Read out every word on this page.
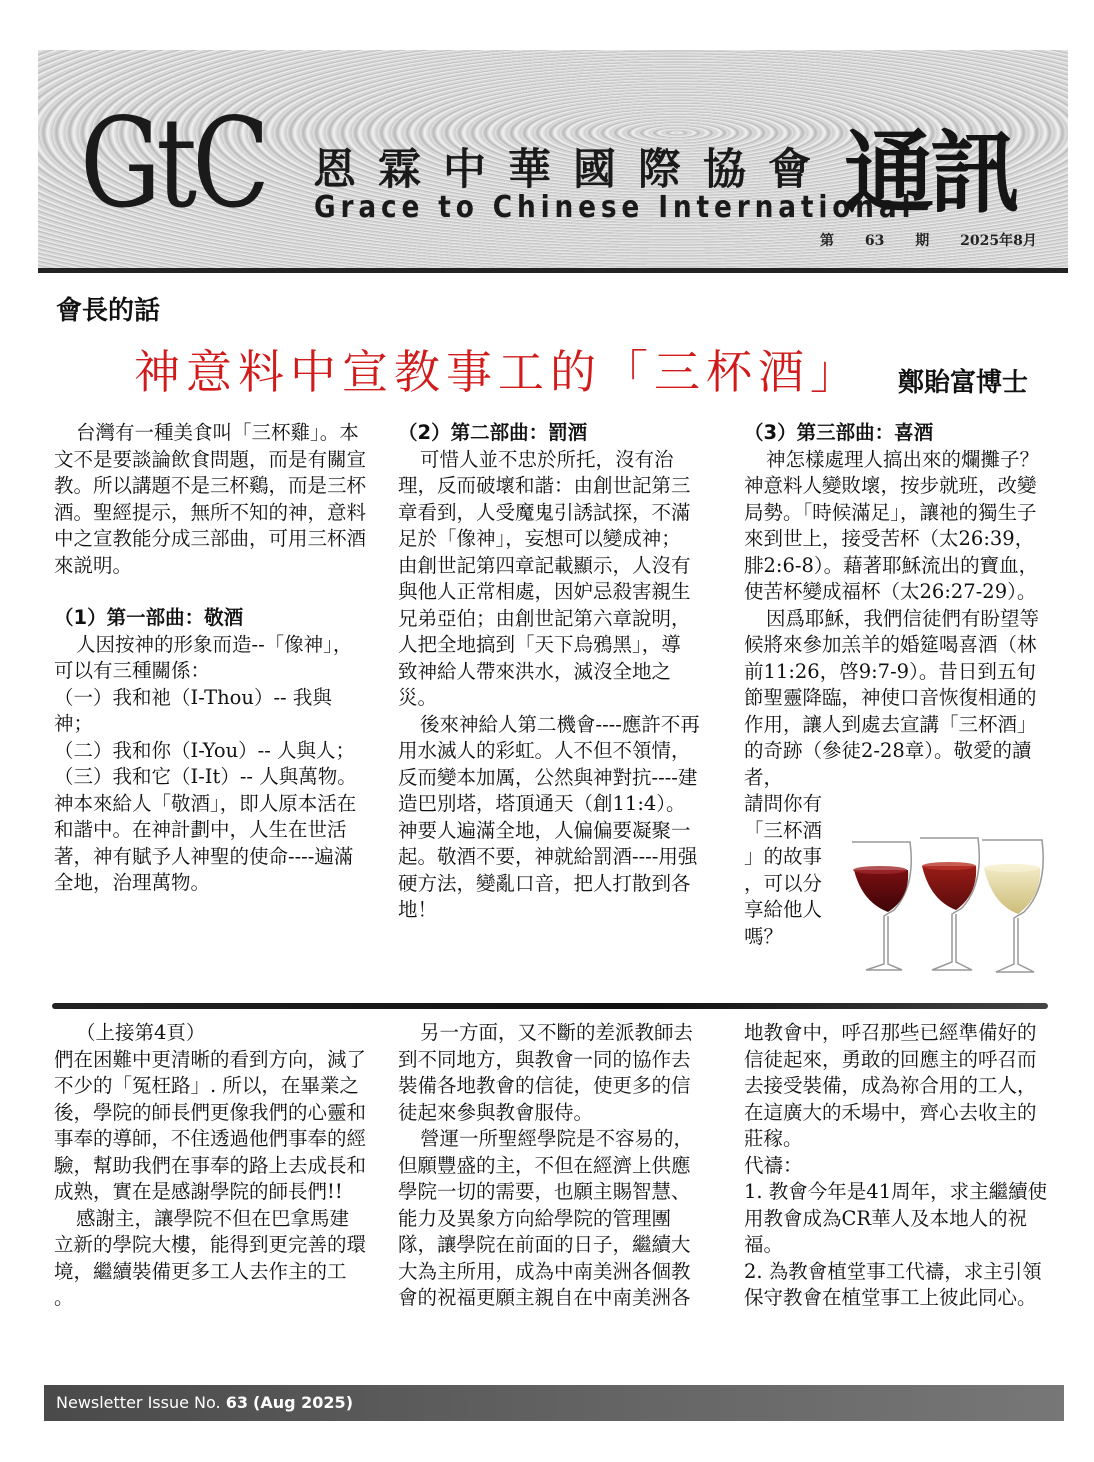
GtC 恩霖中華國際協會
Grace to Chinese International
通訊
第 63 期 2025年8月
會長的話
神意料中宣教事工的「三杯酒」 鄭貽富博士

台灣有一種美食叫「三杯雞」。本文不是要談論飲食問題，而是有關宣教。所以講題不是三杯鷄，而是三杯酒。聖經提示，無所不知的神，意料中之宣教能分成三部曲，可用三杯酒來説明。

（1）第一部曲：敬酒

人因按神的形象而造--「像神」，可以有三種關係：

（一）我和祂（I-Thou）-- 我與神；

（二）我和你（I-You）-- 人與人；

（三）我和它（I-It）-- 人與萬物。神本來給人「敬酒」，即人原本活在和諧中。在神計劃中，人生在世活著，神有賦予人神聖的使命----遍滿全地，治理萬物。

（2）第二部曲：罰酒

可惜人並不忠於所托，沒有治理，反而破壞和諧：由創世記第三章看到，人受魔鬼引誘試探，不滿足於「像神」，妄想可以變成神；由創世記第四章記載顯示，人沒有與他人正常相處，因妒忌殺害親生兄弟亞伯；由創世記第六章說明，人把全地搞到「天下烏鴉黑」，導致神給人帶來洪水，滅沒全地之災。

後來神給人第二機會----應許不再用水滅人的彩虹。人不但不領情，反而變本加厲，公然與神對抗----建造巴別塔，塔頂通天（創11:4）。神要人遍滿全地，人偏偏要凝聚一起。敬酒不要，神就給罰酒----用强硬方法，變亂口音，把人打散到各地！

（3）第三部曲：喜酒

神怎樣處理人搞出來的爛攤子？神意料人變敗壞，按步就班，改變局勢。「時候滿足」，讓祂的獨生子來到世上，接受苦杯（太26:39，腓2:6-8）。藉著耶穌流出的寶血，使苦杯變成福杯（太26:27-29）。

因爲耶穌，我們信徒們有盼望等候將來參加羔羊的婚筵喝喜酒（林前11:26，啓9:7-9）。昔日到五旬節聖靈降臨，神使口音恢復相通的作用，讓人到處去宣講「三杯酒」的奇跡（參徒2-28章）。敬愛的讀者，

請問你有

「三杯酒

」的故事

，可以分

享給他人

嗎？

（上接第4頁）

們在困難中更清晰的看到方向，減了不少的「冤枉路」. 所以，在畢業之後，學院的師長們更像我們的心靈和事奉的導師，不住透過他們事奉的經驗，幫助我們在事奉的路上去成長和成熟，實在是感謝學院的師長們!!

感謝主，讓學院不但在巴拿馬建立新的學院大樓，能得到更完善的環境，繼續裝備更多工人去作主的工 。

另一方面，又不斷的差派教師去到不同地方，與教會一同的協作去裝備各地教會的信徒，使更多的信徒起來參與教會服侍。

營運一所聖經學院是不容易的，但願豐盛的主，不但在經濟上供應學院一切的需要，也願主賜智慧、能力及異象方向給學院的管理團隊，讓學院在前面的日子，繼續大大為主所用，成為中南美洲各個教會的祝福更願主親自在中南美洲各

地教會中，呼召那些已經準備好的信徒起來，勇敢的回應主的呼召而去接受裝備，成為祢合用的工人，在這廣大的禾場中，齊心去收主的莊稼。

代禱：

1. 教會今年是41周年，求主繼續使用教會成為CR華人及本地人的祝福。

2. 為教會植堂事工代禱，求主引領保守教會在植堂事工上彼此同心。

Newsletter Issue No. 63 (Aug 2025)
